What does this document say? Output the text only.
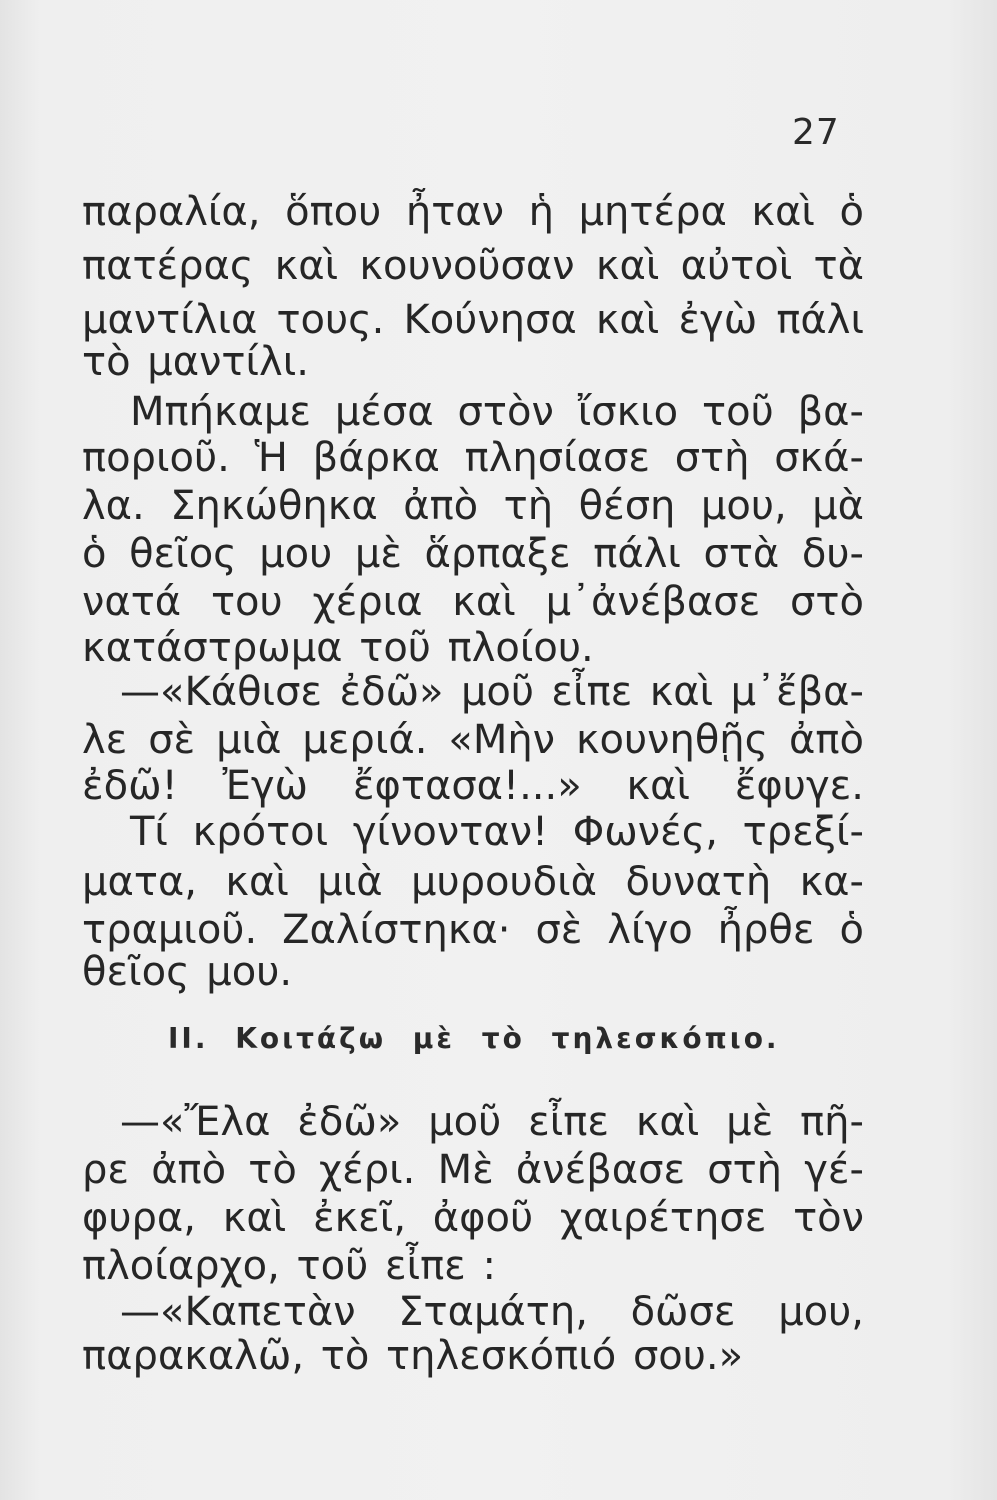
27
παραλία, ὅπου ἦταν ἡ μητέρα καὶ ὁ
πατέρας καὶ κουνοῦσαν καὶ αὐτοὶ τὰ
μαντίλια τους. Κούνησα καὶ ἐγὼ πάλι
τὸ μαντίλι.
Μπήκαμε μέσα στὸν ἴσκιο τοῦ βα-
ποριοῦ. Ἡ βάρκα πλησίασε στὴ σκά-
λα. Σηκώθηκα ἀπὸ τὴ θέση μου, μὰ
ὁ θεῖος μου μὲ ἅρπαξε πάλι στὰ δυ-
νατά του χέρια καὶ μ᾿ἀνέβασε στὸ
κατάστρωμα τοῦ πλοίου.
—«Κάθισε ἐδῶ» μοῦ εἶπε καὶ μ᾿ἔβα-
λε σὲ μιὰ μεριά. «Μὴν κουνηθῇς ἀπὸ
ἐδῶ! Ἐγὼ ἔφτασα!...» καὶ ἔφυγε.
Τί κρότοι γίνονταν! Φωνές, τρεξί-
ματα, καὶ μιὰ μυρουδιὰ δυνατὴ κα-
τραμιοῦ. Ζαλίστηκα· σὲ λίγο ἦρθε ὁ
θεῖος μου.
ΙΙ. Κοιτάζω μὲ τὸ τηλεσκόπιο.
—«Ἔλα ἐδῶ» μοῦ εἶπε καὶ μὲ πῆ-
ρε ἀπὸ τὸ χέρι. Μὲ ἀνέβασε στὴ γέ-
φυρα, καὶ ἐκεῖ, ἀφοῦ χαιρέτησε τὸν
πλοίαρχο, τοῦ εἶπε :
—«Καπετὰν Σταμάτη, δῶσε μου,
παρακαλῶ, τὸ τηλεσκόπιό σου.»
